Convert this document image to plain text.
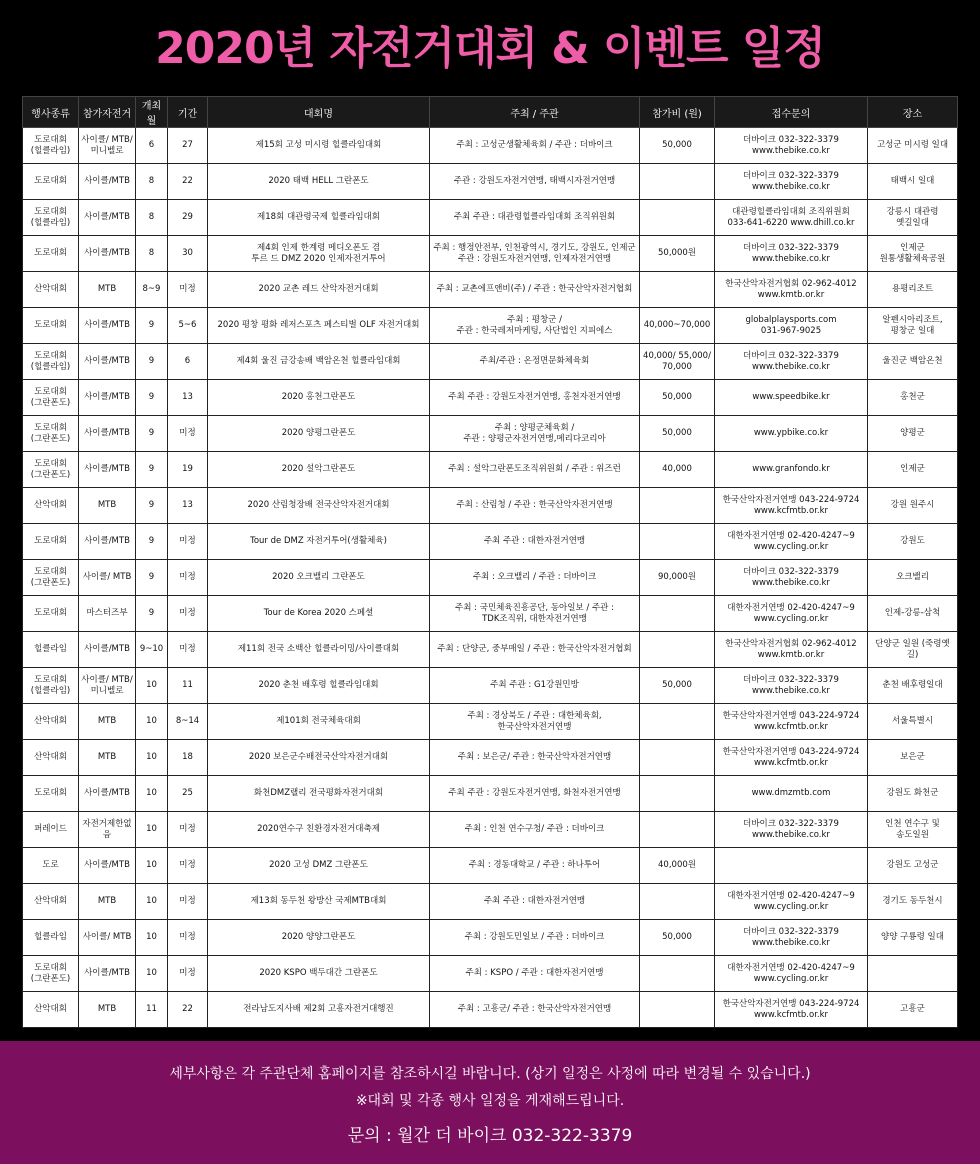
2020년 자전거대회 & 이벤트 일정
행사종류	참가자전거	개최월	기간	대회명	주최 / 주관	참가비 (원)	접수문의	장소

도로대회
(힐클라임)	사이클/ MTB/
미니벨로	6	27	제15회 고성 미시령 힐클라임대회	주최 : 고성군생활체육회 / 주관 : 더바이크	50,000	더바이크 032-322-3379
www.thebike.co.kr	고성군 미시령 일대

도로대회	사이클/MTB	8	22	2020 태백 HELL 그란폰도	주관 : 강원도자전거연맹, 태백시자전거연맹		더바이크 032-322-3379
www.thebike.co.kr	태백시 일대

도로대회
(힐클라임)	사이클/MTB	8	29	제18회 대관령국제 힐클라임대회	주최 주관 : 대관령힐클라임대회 조직위원회		대관령힐클라임대회 조직위원회
033-641-6220 www.dhill.co.kr	강릉시 대관령
옛길일대

도로대회	사이클/MTB	8	30	제4회 인제 한계령 메디오폰도 겸
투르 드 DMZ 2020 인제자전거투어	주최 : 행정안전부, 인천광역시, 경기도, 강원도, 인제군
주관 : 강원도자전거연맹, 인제자전거연맹	50,000원	더바이크 032-322-3379
www.thebike.co.kr	인제군
원통생활체육공원

산악대회	MTB	8~9	미정	2020 교촌 레드 산악자전거대회	주최 : 교촌에프앤비(주) / 주관 : 한국산악자전거협회		한국산악자전거협회 02-962-4012
www.kmtb.or.kr	용평리조트

도로대회	사이클/MTB	9	5~6	2020 평창 평화 레저스포츠 페스티벌 OLF 자전거대회	주최 : 평창군 /
주관 : 한국레저마케팅, 사단법인 지피에스	40,000~70,000	globalplaysports.com
031-967-9025	알펜시아리조트,
평창군 일대

도로대회
(힐클라임)	사이클/MTB	9	6	제4회 울진 금강송배 백암온천 힐클라임대회	주최/주관 : 온정면문화체육회	40,000/ 55,000/
70,000	더바이크 032-322-3379
www.thebike.co.kr	울진군 백암온천

도로대회
(그란폰도)	사이클/MTB	9	13	2020 홍천그란폰도	주최 주관 : 강원도자전거연맹, 홍천자전거연맹	50,000	www.speedbike.kr	홍천군

도로대회
(그란폰도)	사이클/MTB	9	미정	2020 양평그란폰도	주최 : 양평군체육회 /
주관 : 양평군자전거연맹,메리다코리아	50,000	www.ypbike.co.kr	양평군

도로대회
(그란폰도)	사이클/MTB	9	19	2020 설악그란폰도	주최 : 설악그란폰도조직위원회 / 주관 : 위즈런	40,000	www.granfondo.kr	인제군

산악대회	MTB	9	13	2020 산림청장배 전국산악자전거대회	주최 : 산림청 / 주관 : 한국산악자전거연맹		한국산악자전거연맹 043-224-9724
www.kcfmtb.or.kr	강원 원주시

도로대회	사이클/MTB	9	미정	Tour de DMZ 자전거투어(생활체육)	주최 주관 : 대한자전거연맹		대한자전거연맹 02-420-4247~9
www.cycling.or.kr	강원도

도로대회
(그란폰도)	사이클/ MTB	9	미정	2020 오크밸리 그란폰도	주최 : 오크밸리 / 주관 : 더바이크	90,000원	더바이크 032-322-3379
www.thebike.co.kr	오크밸리

도로대회	마스터즈부	9	미정	Tour de Korea 2020 스페셜	주최 : 국민체육진흥공단, 동아일보 / 주관 :
TDK조직위, 대한자전거연맹		대한자전거연맹 02-420-4247~9
www.cycling.or.kr	인제-강릉-삼척

힐클라임	사이클/MTB	9~10	미정	제11회 전국 소백산 힐클라이밍/사이클대회	주최 : 단양군, 중부매일 / 주관 : 한국산악자전거협회		한국산악자전거협회 02-962-4012
www.kmtb.or.kr	단양군 일원 (죽령옛길)

도로대회
(힐클라임)	사이클/ MTB/
미니벨로	10	11	2020 춘천 배후령 힐클라임대회	주최 주관 : G1강원민방	50,000	더바이크 032-322-3379
www.thebike.co.kr	춘천 배후령일대

산악대회	MTB	10	8~14	제101회 전국체육대회	주최 : 경상북도 / 주관 : 대한체육회,
한국산악자전거연맹		한국산악자전거연맹 043-224-9724
www.kcfmtb.or.kr	서울특별시

산악대회	MTB	10	18	2020 보은군수배전국산악자전거대회	주최 : 보은군/ 주관 : 한국산악자전거연맹		한국산악자전거연맹 043-224-9724
www.kcfmtb.or.kr	보은군

도로대회	사이클/MTB	10	25	화천DMZ랠리 전국평화자전거대회	주최 주관 : 강원도자전거연맹, 화천자전거연맹		www.dmzmtb.com	강원도 화천군

퍼레이드	자전거제한없음	10	미정	2020연수구 친환경자전거대축제	주최 : 인천 연수구청/ 주관 : 더바이크		더바이크 032-322-3379
www.thebike.co.kr	인천 연수구 및
송도일원

도로	사이클/MTB	10	미정	2020 고성 DMZ 그란폰도	주최 : 경동대학교 / 주관 : 하나투어	40,000원		강원도 고성군

산악대회	MTB	10	미정	제13회 동두천 왕방산 국제MTB대회	주최 주관 : 대한자전거연맹		대한자전거연맹 02-420-4247~9
www.cycling.or.kr	경기도 동두천시

힐클라임	사이클/ MTB	10	미정	2020 양양그란폰도	주최 : 강원도민일보 / 주관 : 더바이크	50,000	더바이크 032-322-3379
www.thebike.co.kr	양양 구룡령 일대

도로대회
(그란폰도)	사이클/MTB	10	미정	2020 KSPO 백두대간 그란폰도	주최 : KSPO / 주관 : 대한자전거연맹		대한자전거연맹 02-420-4247~9
www.cycling.or.kr	

산악대회	MTB	11	22	전라남도지사배 제2회 고흥자전거대행진	주최 : 고흥군/ 주관 : 한국산악자전거연맹		한국산악자전거연맹 043-224-9724
www.kcfmtb.or.kr	고흥군
세부사항은 각 주관단체 홈페이지를 참조하시길 바랍니다. (상기 일정은 사정에 따라 변경될 수 있습니다.)
※대회 및 각종 행사 일정을 게재해드립니다.
문의 : 월간 더 바이크 032-322-3379
